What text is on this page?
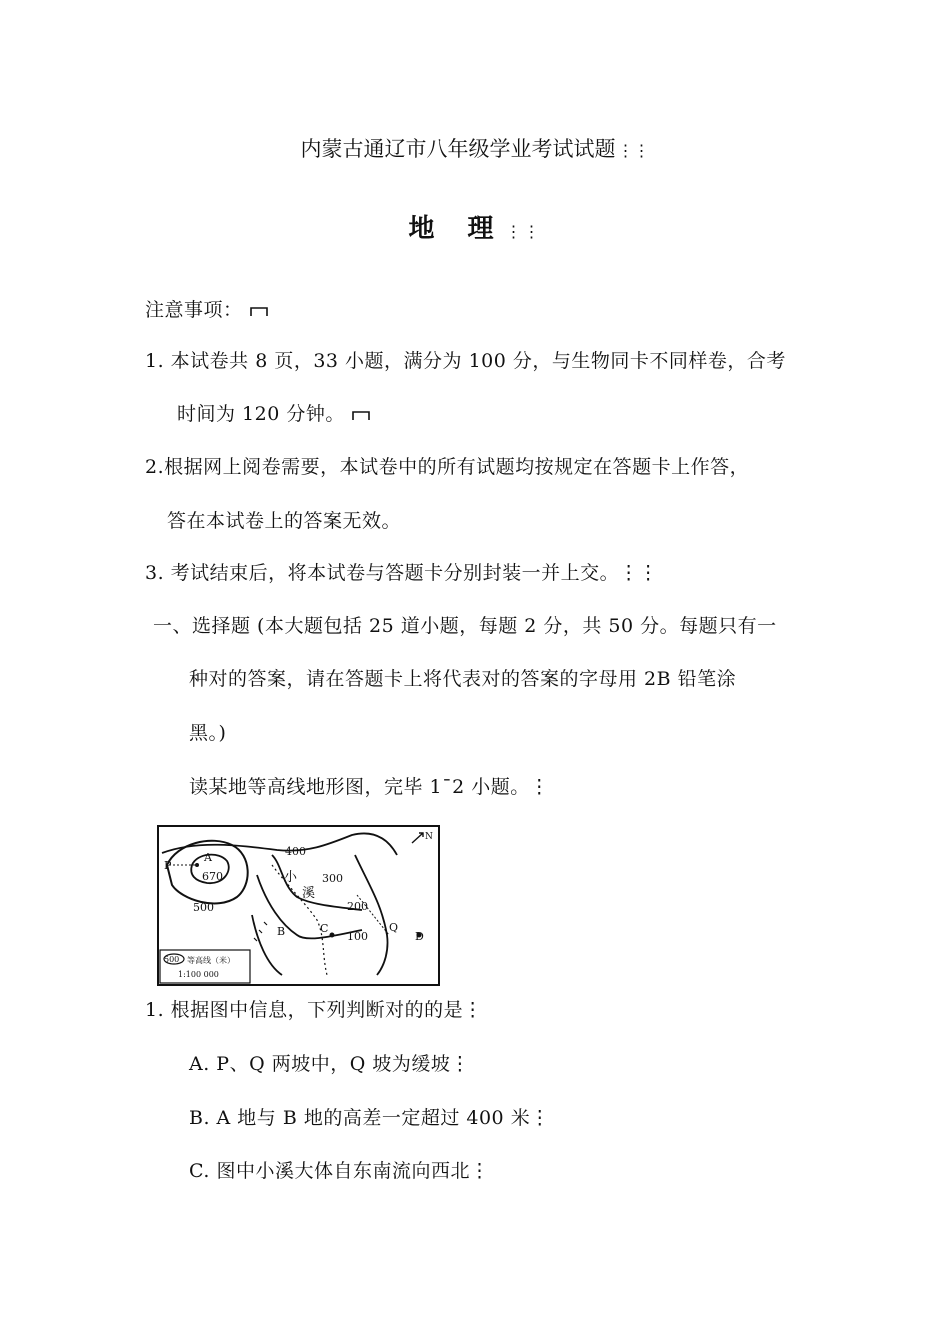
内蒙古通辽市八年级学业考试试题 ⋮⋮
地 理⋮⋮
注意事项：
1. 本试卷共 8 页，33 小题，满分为 100 分，与生物同卡不同样卷，合考
时间为 120 分钟。
2.根据网上阅卷需要，本试卷中的所有试题均按规定在答题卡上作答，
答在本试卷上的答案无效。
3. 考试结束后，将本试卷与答题卡分别封装一并上交。⋮⋮
一、选择题 (本大题包括 25 道小题，每题 2 分，共 50 分。每题只有一
种对的答案，请在答题卡上将代表对的答案的字母用 2B 铅笔涂
黑。)
读某地等高线地形图，完毕 1¯2 小题。⋮
P
A
670
500
400
300
200
100
B	C	Q
D
小
溪
N
500 等高线（米）
1:100 000
1. 根据图中信息，下列判断对的的是⋮
A. P、Q 两坡中，Q 坡为缓坡⋮
B. A 地与 B 地的高差一定超过 400 米⋮
C. 图中小溪大体自东南流向西北⋮
